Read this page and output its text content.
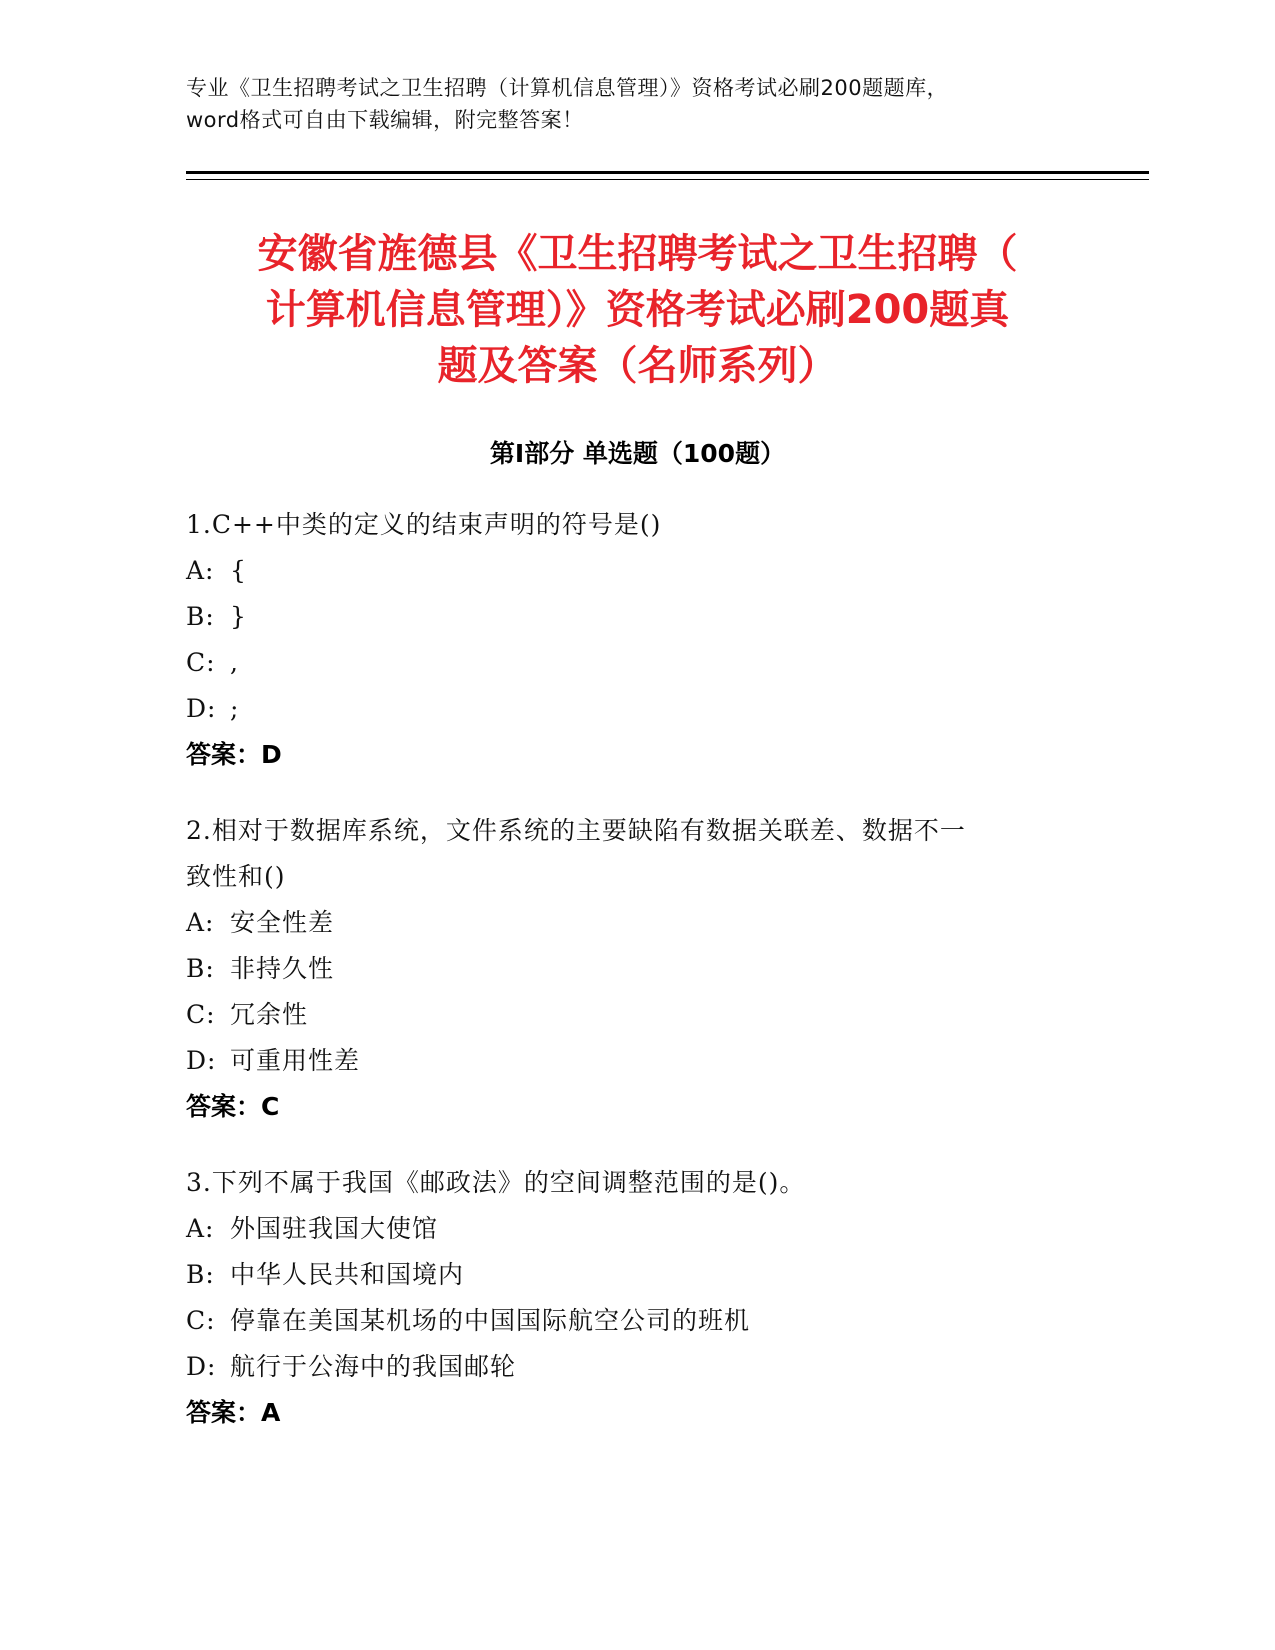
专业《卫生招聘考试之卫生招聘（计算机信息管理）》资格考试必刷200题题库，
word格式可自由下载编辑，附完整答案！
安徽省旌德县《卫生招聘考试之卫生招聘（
计算机信息管理）》资格考试必刷200题真
题及答案（名师系列）
第Ⅰ部分 单选题（100题）
1.C++中类的定义的结束声明的符号是()
A: {
B: }
C: ,
D: ;
答案：D
2.相对于数据库系统，文件系统的主要缺陷有数据关联差、数据不一
致性和()
A: 安全性差
B: 非持久性
C: 冗余性
D: 可重用性差
答案：C
3.下列不属于我国《邮政法》的空间调整范围的是()。
A: 外国驻我国大使馆
B: 中华人民共和国境内
C: 停靠在美国某机场的中国国际航空公司的班机
D: 航行于公海中的我国邮轮
答案：A
